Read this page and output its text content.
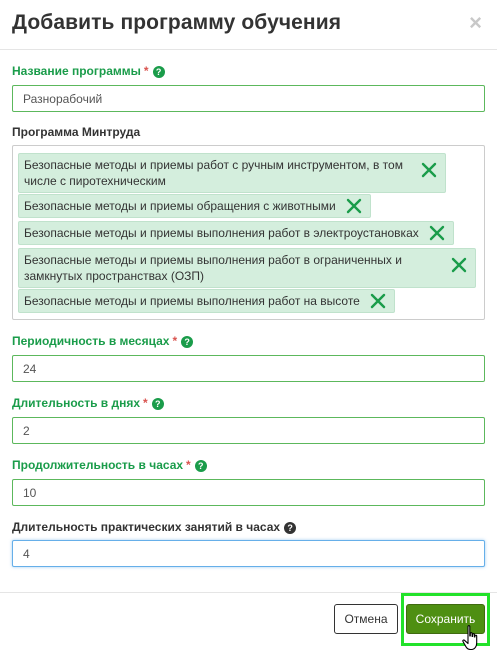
Добавить программу обучения	×
Название программы * ?
Разнорабочий
Программа Минтруда
Безопасные методы и приемы работ с ручным инструментом, в том числе с пиротехническим
Безопасные методы и приемы обращения с животными
Безопасные методы и приемы выполнения работ в электроустановках
Безопасные методы и приемы выполнения работ в ограниченных и замкнутых пространствах (ОЗП)
Безопасные методы и приемы выполнения работ на высоте
Периодичность в месяцах * ?
24
Длительность в днях * ?
2
Продолжительность в часах * ?
10
Длительность практических занятий в часах ?
4
Отмена	Сохранить
